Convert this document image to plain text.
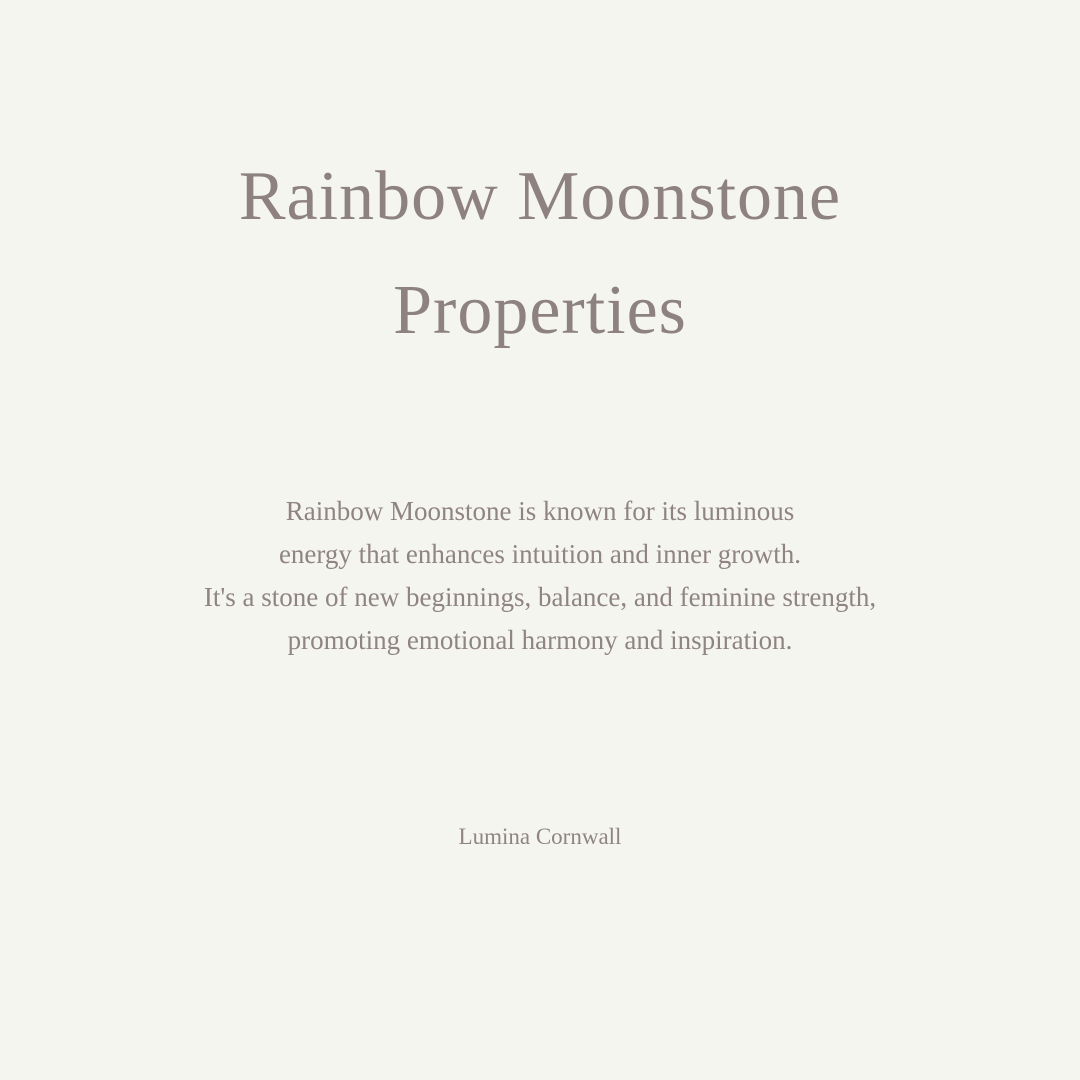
Rainbow Moonstone
Properties
Rainbow Moonstone is known for its luminous
energy that enhances intuition and inner growth.
It's a stone of new beginnings, balance, and feminine strength,
promoting emotional harmony and inspiration.
Lumina Cornwall
